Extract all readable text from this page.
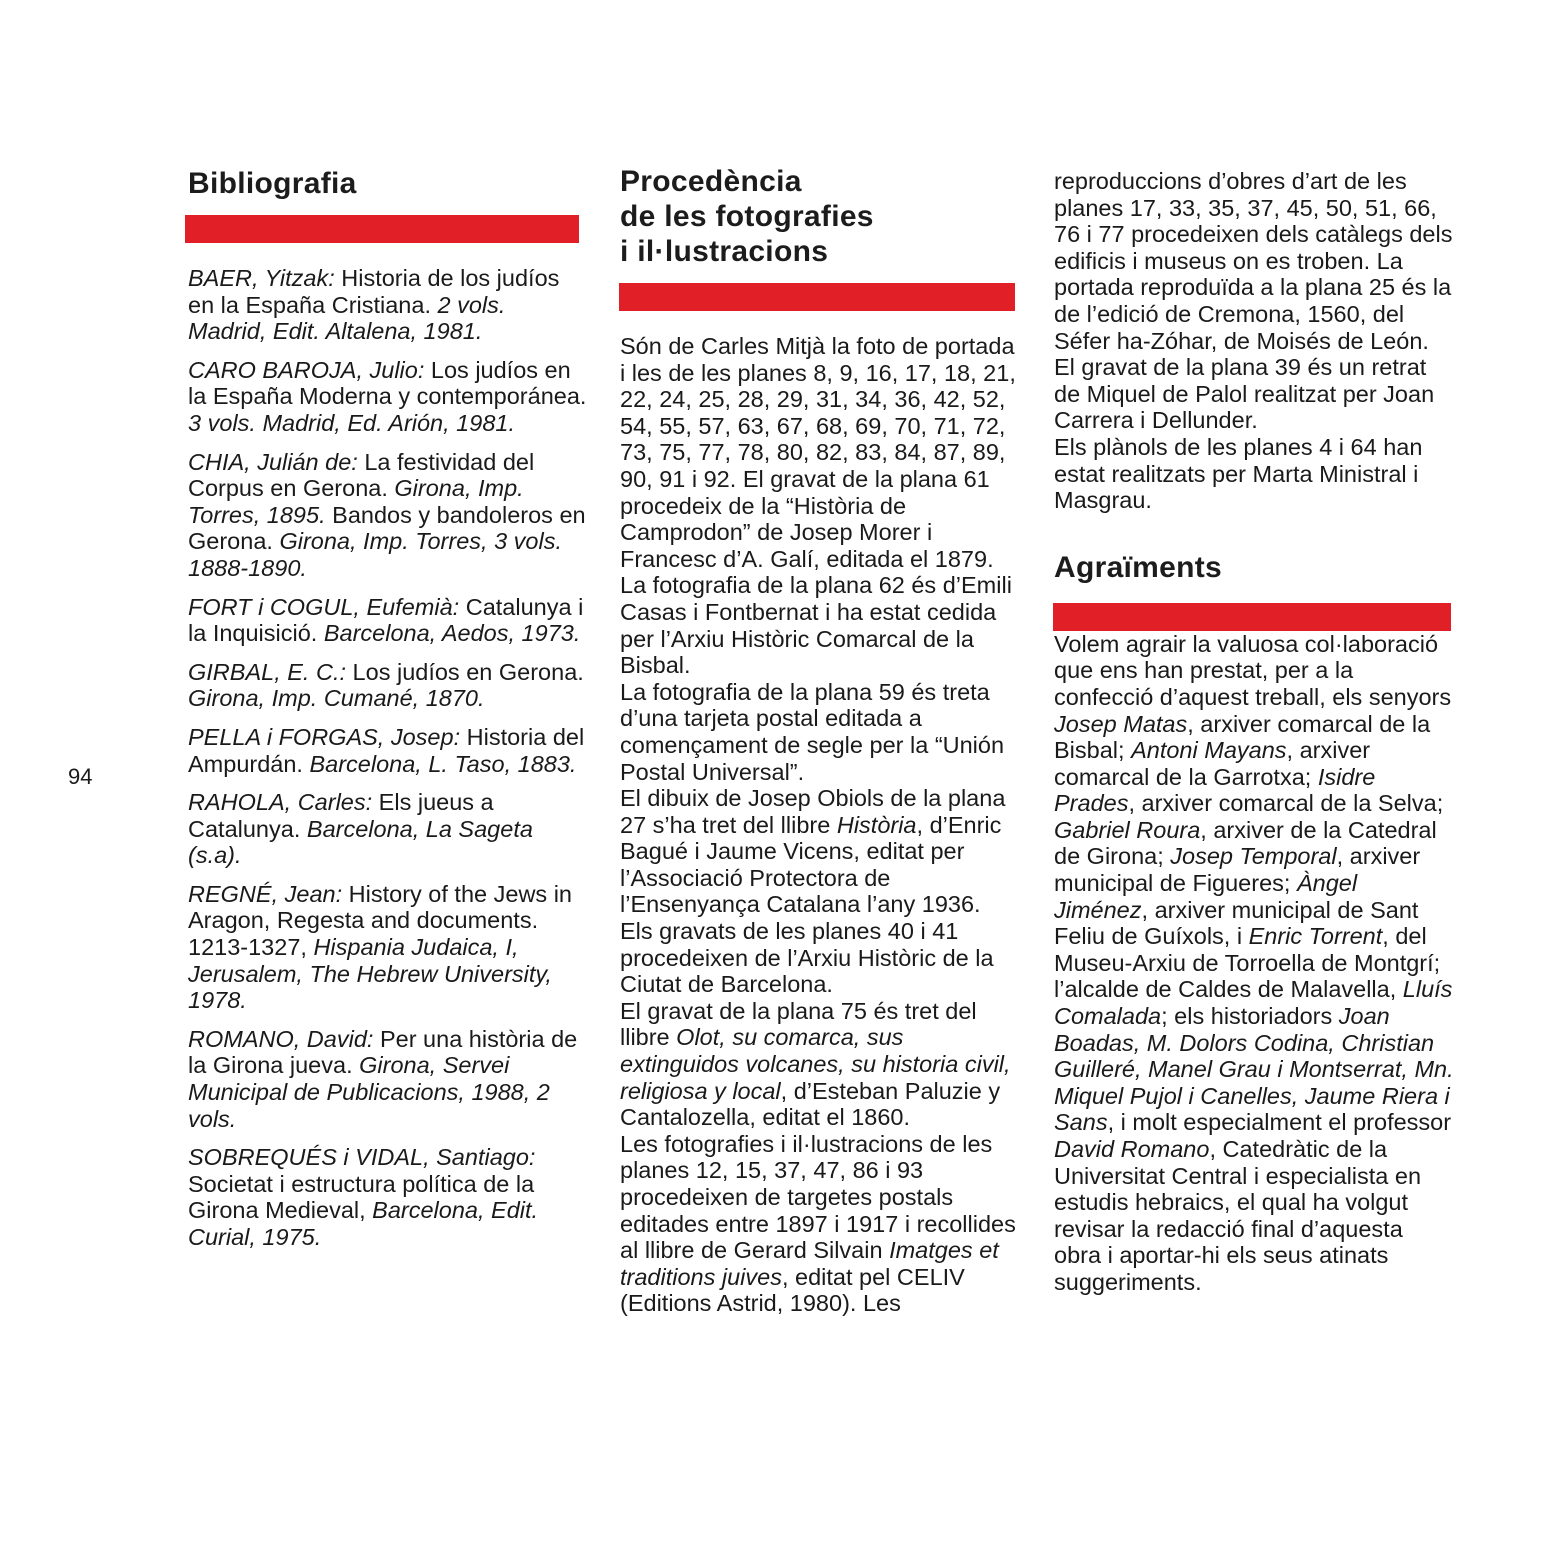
94
Bibliografia

BAER, Yitzak: Historia de los judíos en la España Cristiana. 2 vols. Madrid, Edit. Altalena, 1981.

CARO BAROJA, Julio: Los judíos en la España Moderna y contemporánea. 3 vols. Madrid, Ed. Arión, 1981.

CHIA, Julián de: La festividad del Corpus en Gerona. Girona, Imp. Torres, 1895. Bandos y bandoleros en Gerona. Girona, Imp. Torres, 3 vols. 1888-1890.

FORT i COGUL, Eufemià: Catalunya i la Inquisició. Barcelona, Aedos, 1973.

GIRBAL, E. C.: Los judíos en Gerona. Girona, Imp. Cumané, 1870.

PELLA i FORGAS, Josep: Historia del Ampurdán. Barcelona, L. Taso, 1883.

RAHOLA, Carles: Els jueus a Catalunya. Barcelona, La Sageta (s.a).

REGNÉ, Jean: History of the Jews in Aragon, Regesta and documents. 1213-1327, Hispania Judaica, I, Jerusalem, The Hebrew University, 1978.

ROMANO, David: Per una història de la Girona jueva. Girona, Servei Municipal de Publicacions, 1988, 2 vols.

SOBREQUÉS i VIDAL, Santiago: Societat i estructura política de la Girona Medieval, Barcelona, Edit. Curial, 1975.

Procedència
de les fotografies
i il·lustracions

Són de Carles Mitjà la foto de portada i les de les planes 8, 9, 16, 17, 18, 21, 22, 24, 25, 28, 29, 31, 34, 36, 42, 52, 54, 55, 57, 63, 67, 68, 69, 70, 71, 72, 73, 75, 77, 78, 80, 82, 83, 84, 87, 89, 90, 91 i 92. El gravat de la plana 61 procedeix de la “Història de Camprodon” de Josep Morer i Francesc d’A. Galí, editada el 1879.

La fotografia de la plana 62 és d’Emili Casas i Fontbernat i ha estat cedida per l’Arxiu Històric Comarcal de la Bisbal.

La fotografia de la plana 59 és treta d’una tarjeta postal editada a començament de segle per la “Unión Postal Universal”.

El dibuix de Josep Obiols de la plana 27 s’ha tret del llibre Història, d’Enric Bagué i Jaume Vicens, editat per l’Associació Protectora de l’Ensenyança Catalana l’any 1936.

Els gravats de les planes 40 i 41 procedeixen de l’Arxiu Històric de la Ciutat de Barcelona.

El gravat de la plana 75 és tret del llibre Olot, su comarca, sus extinguidos volcanes, su historia civil, religiosa y local, d’Esteban Paluzie y Cantalozella, editat el 1860.

Les fotografies i il·lustracions de les planes 12, 15, 37, 47, 86 i 93 procedeixen de targetes postals editades entre 1897 i 1917 i recollides al llibre de Gerard Silvain Imatges et traditions juives, editat pel CELIV (Editions Astrid, 1980). Les

reproduccions d’obres d’art de les planes 17, 33, 35, 37, 45, 50, 51, 66, 76 i 77 procedeixen dels catàlegs dels edificis i museus on es troben. La portada reproduïda a la plana 25 és la de l’edició de Cremona, 1560, del Séfer ha-Zóhar, de Moisés de León.

El gravat de la plana 39 és un retrat de Miquel de Palol realitzat per Joan Carrera i Dellunder.

Els plànols de les planes 4 i 64 han estat realitzats per Marta Ministral i Masgrau.

Agraïments

Volem agrair la valuosa col·laboració que ens han prestat, per a la confecció d’aquest treball, els senyors Josep Matas, arxiver comarcal de la Bisbal; Antoni Mayans, arxiver comarcal de la Garrotxa; Isidre Prades, arxiver comarcal de la Selva; Gabriel Roura, arxiver de la Catedral de Girona; Josep Temporal, arxiver municipal de Figueres; Àngel Jiménez, arxiver municipal de Sant Feliu de Guíxols, i Enric Torrent, del Museu-Arxiu de Torroella de Montgrí; l’alcalde de Caldes de Malavella, Lluís Comalada; els historiadors Joan Boadas, M. Dolors Codina, Christian Guilleré, Manel Grau i Montserrat, Mn. Miquel Pujol i Canelles, Jaume Riera i Sans, i molt especialment el professor David Romano, Catedràtic de la Universitat Central i especialista en estudis hebraics, el qual ha volgut revisar la redacció final d’aquesta obra i aportar-hi els seus atinats suggeriments.
